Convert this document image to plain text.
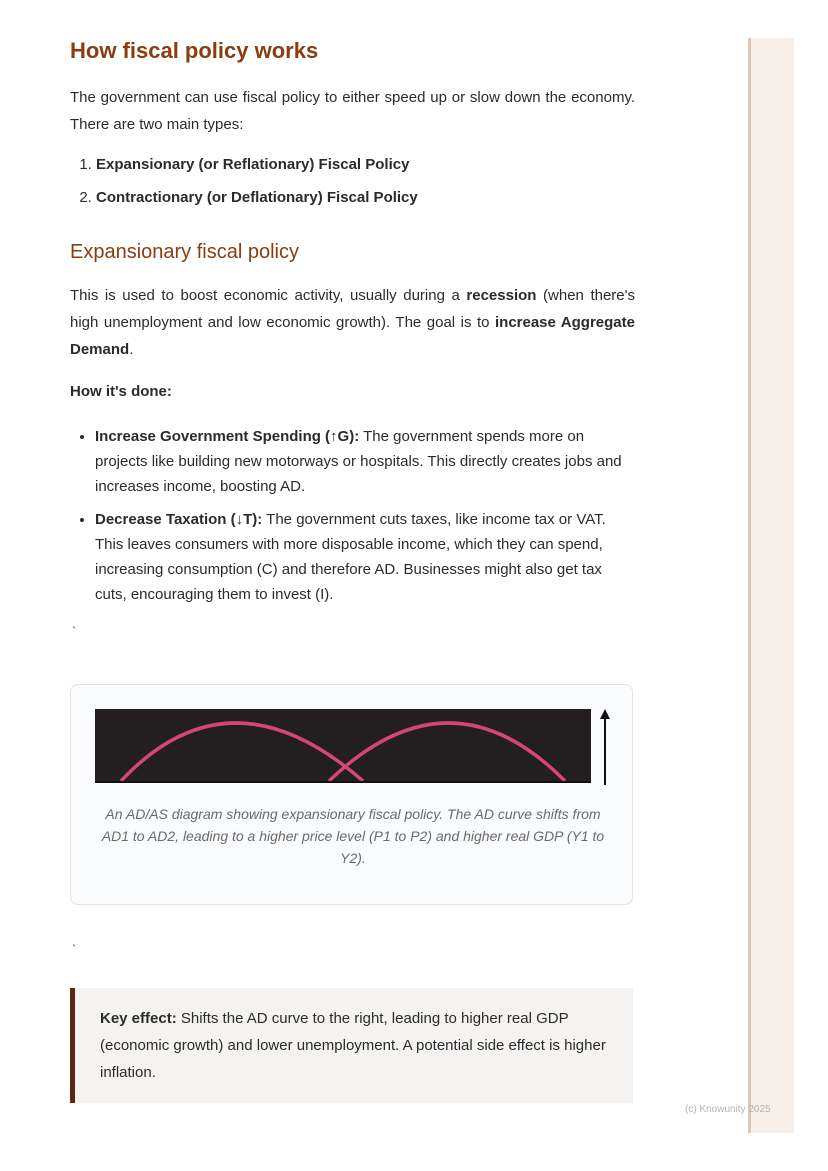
How fiscal policy works

The government can use fiscal policy to either speed up or slow down the economy. There are two main types:

1. Expansionary (or Reflationary) Fiscal Policy
2. Contractionary (or Deflationary) Fiscal Policy
Expansionary fiscal policy

This is used to boost economic activity, usually during a recession (when there's high unemployment and low economic growth). The goal is to increase Aggregate Demand.

How it's done:
• Increase Government Spending (↑G): The government spends more on projects like building new motorways or hospitals. This directly creates jobs and increases income, boosting AD.
• Decrease Taxation (↓T): The government cuts taxes, like income tax or VAT. This leaves consumers with more disposable income, which they can spend, increasing consumption (C) and therefore AD. Businesses might also get tax cuts, encouraging them to invest (I).
`
An AD/AS diagram showing expansionary fiscal policy. The AD curve shifts from AD1 to AD2, leading to a higher price level (P1 to P2) and higher real GDP (Y1 to Y2).
`

Key effect: Shifts the AD curve to the right, leading to higher real GDP (economic growth) and lower unemployment. A potential side effect is higher inflation.

(c) Knowunity 2025
